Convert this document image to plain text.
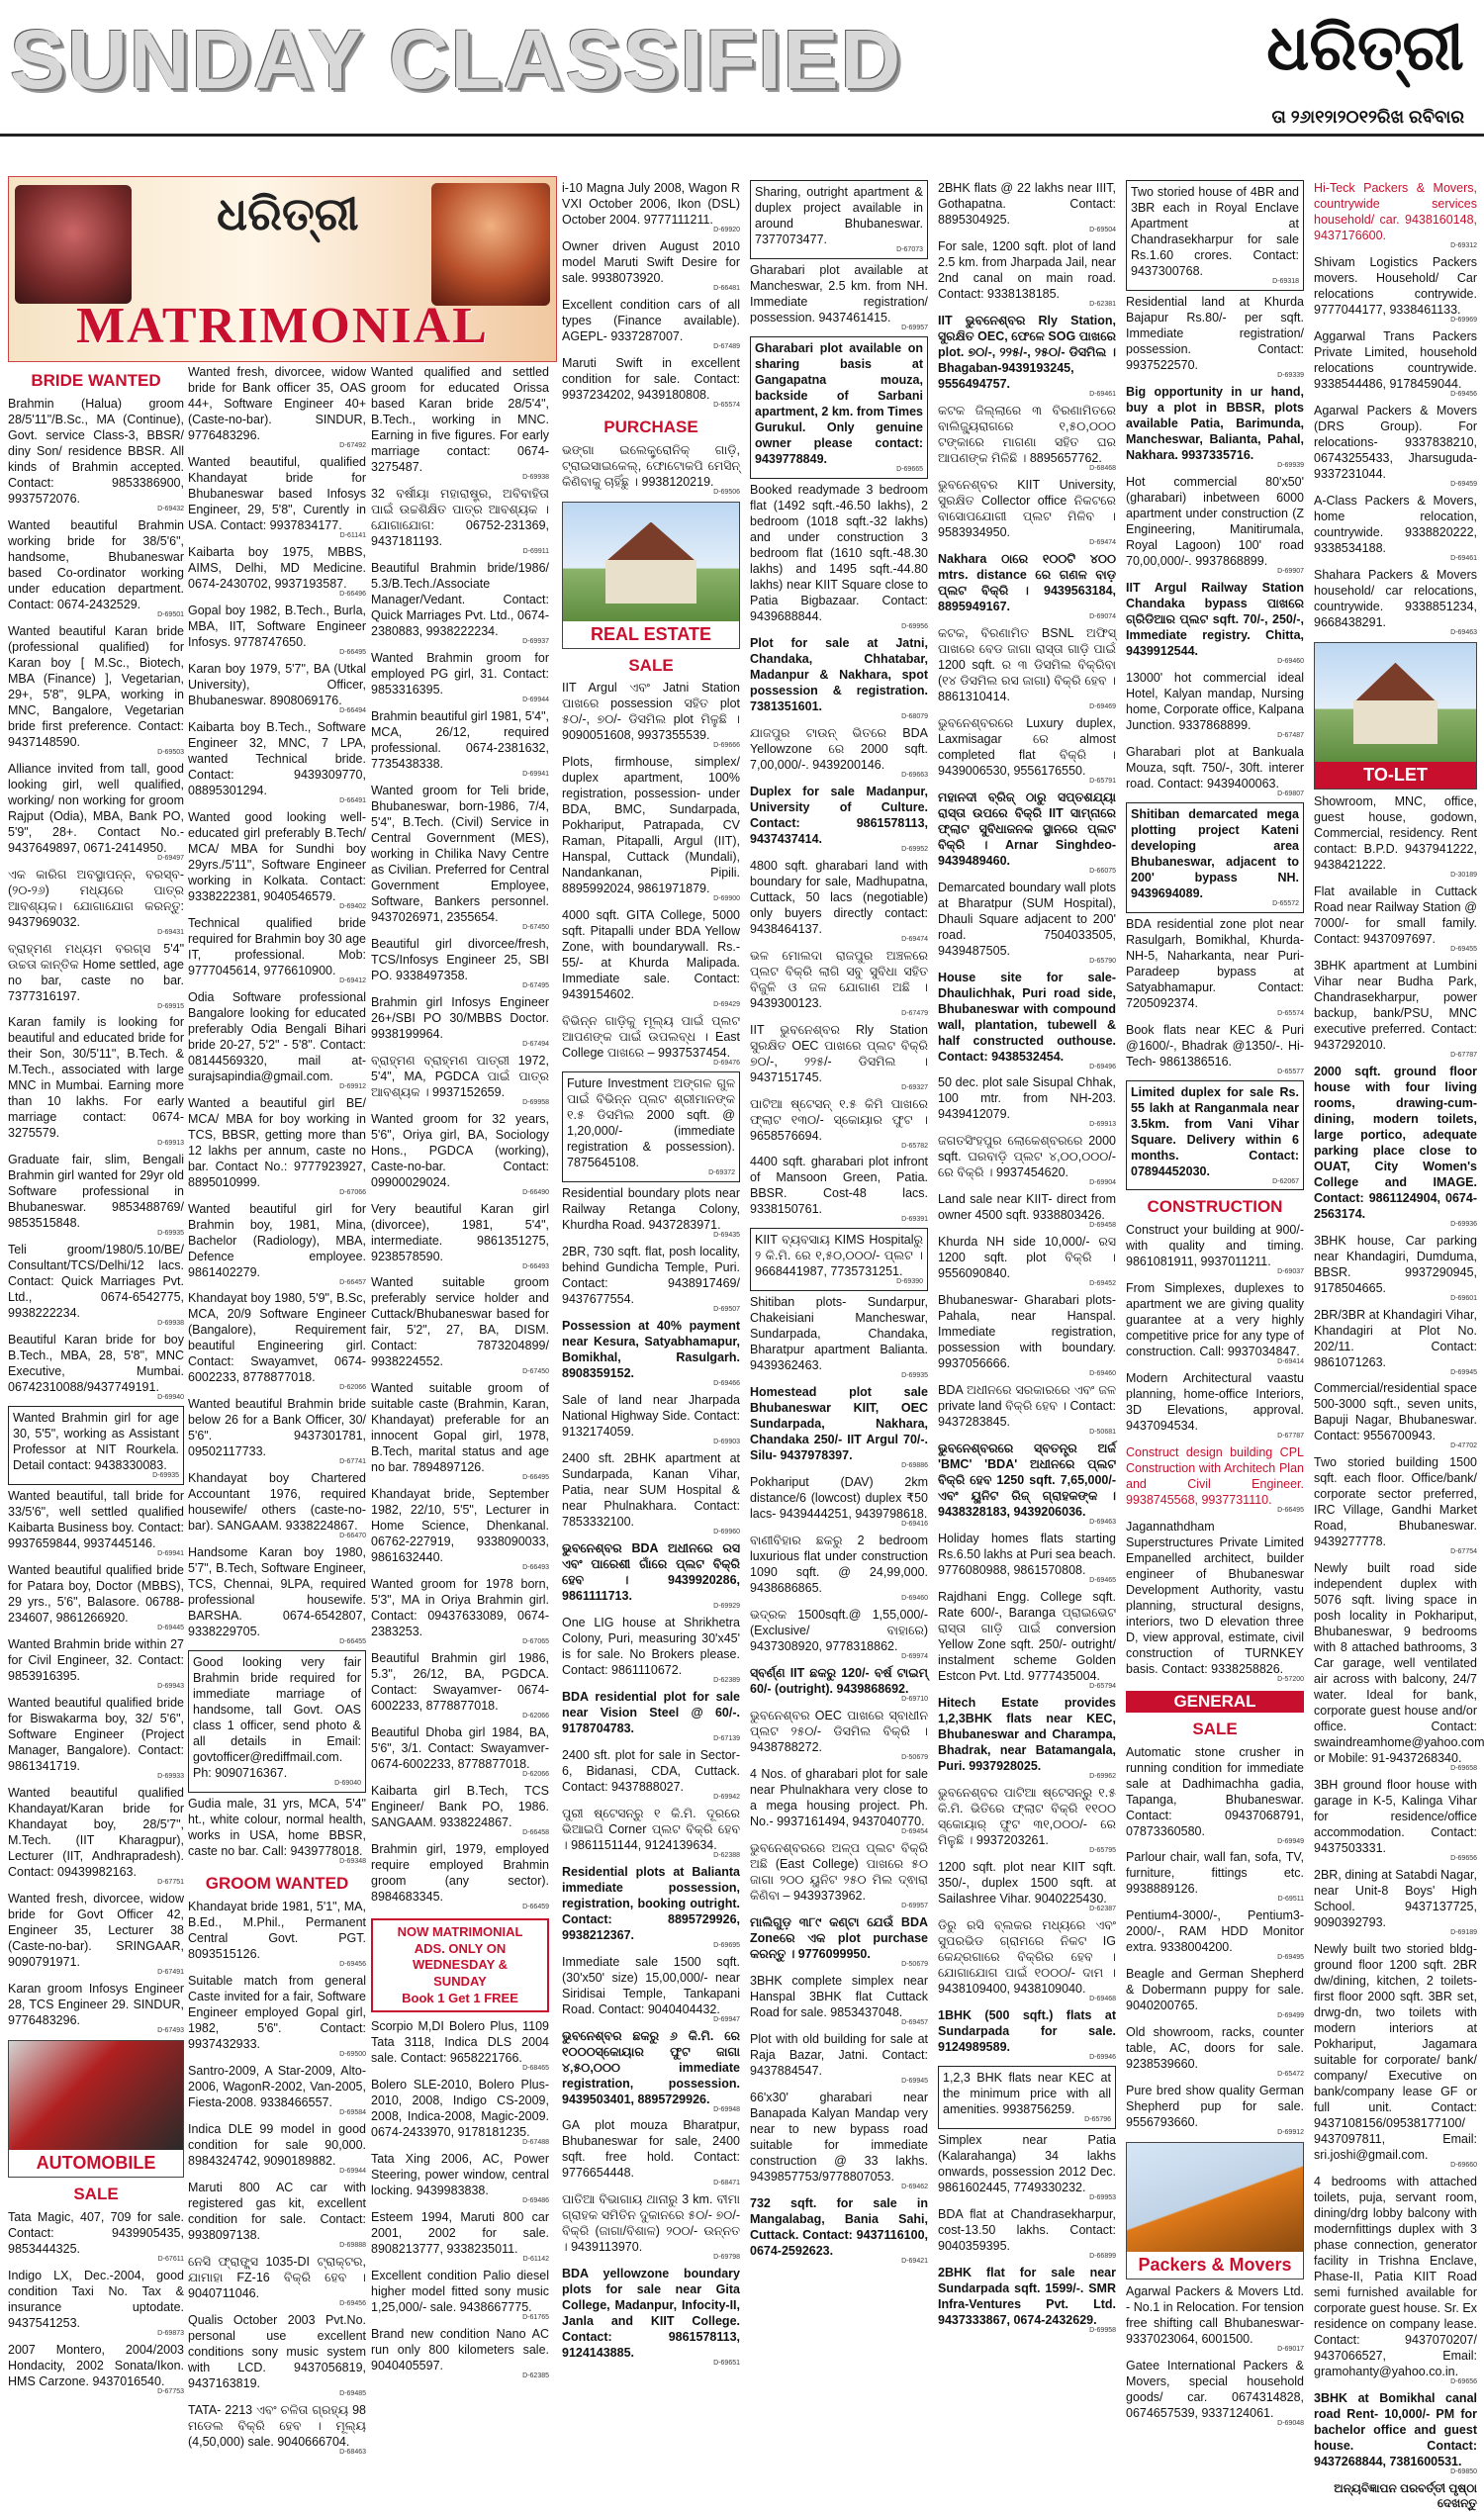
SUNDAY CLASSIFIED	ଧରିତ୍ରୀ
ତା ୨୬ା୧୨ା୨୦୧୨ରିଖ ରବିବାର
ଧରିତ୍ରୀ
MATRIMONIAL
BRIDE WANTED

Brahmin (Halua) groom 28/5'11"/B.Sc., MA (Continue), Govt. service Class-3, BBSR/ diny Son/ residence BBSR. All kinds of Brahmin accepted. Contact: 9853386900, 9937572076.
D-69432

Wanted beautiful Brahmin working bride for 38/5'6", handsome, Bhubaneswar based Co-ordinator working under education department. Contact: 0674-2432529.
D-69501

Wanted beautiful Karan bride (professional qualified) for Karan boy [ M.Sc., Biotech, MBA (Finance) ], Vegetarian, 29+, 5'8", 9LPA, working in MNC, Bangalore, Vegetarian bride first preference. Contact: 9437148590.
D-69503

Alliance invited from tall, good looking girl, well qualified, working/ non working for groom Rajput (Odia), MBA, Bank PO, 5'9", 28+. Contact No.- 9437649897, 0671-2414950.
D-69497

ଏକ କାରିଗ ଅବସ୍ଥାପନ୍ନ, ବରସ୍ବ- (୨୦-୨୬) ମଧ୍ୟରେ ପାତ୍ର ଆବଶ୍ୟକ। ଯୋଗାଯୋଗ କରନ୍ତୁ: 9437969032.
D-69431

ବ୍ରାହ୍ମଣ ମଧ୍ୟମ ବରଗ୍ସ 5'4" ଉଚ୍ଚତା କାନ୍ତିକ Home settled, age no bar, caste no bar. 7377316197.
D-69915

Karan family is looking for beautiful and educated bride for their Son, 30/5'11", B.Tech. & M.Tech., associated with large MNC in Mumbai. Earning more than 10 lakhs. For early marriage contact: 0674-3275579.
D-69913

Graduate fair, slim, Bengali Brahmin girl wanted for 29yr old Software professional in Bhubaneswar. 9853488769/ 9853515848.
D-69935

Teli groom/1980/5.10/BE/ Consultant/TCS/Delhi/12 lacs. Contact: Quick Marriages Pvt. Ltd., 0674-6542775, 9938222234.
D-69938

Beautiful Karan bride for boy B.Tech., MBA, 28, 5'8", MNC Executive, Mumbai. 06742310088/9437749191.
D-69940

Wanted Brahmin girl for age 30, 5'5", working as Assistant Professor at NIT Rourkela. Detail contact: 9438330083.
D-69935

Wanted beautiful, tall bride for 33/5'6", well settled qualified Kaibarta Business boy. Contact: 9937659844, 9937445146.
D-69941

Wanted beautiful qualified bride for Patara boy, Doctor (MBBS), 29 yrs., 5'6", Balasore. 06788-234607, 9861266920.
D-69445

Wanted Brahmin bride within 27 for Civil Engineer, 32. Contact: 9853916395.
D-69943

Wanted beautiful qualified bride for Biswakarma boy, 32/ 5'6", Software Engineer (Project Manager, Bangalore). Contact: 9861341719.
D-69933

Wanted beautiful qualified Khandayat/Karan bride for Khandayat boy, 28/5'7", M.Tech. (IIT Kharagpur), Lecturer (IIT, Andhrapradesh). Contact: 09439982163.
D-67751

Wanted fresh, divorcee, widow bride for Govt Officer 42, Engineer 35, Lecturer 38 (Caste-no-bar). SRINGAAR, 9090791971.
D-67491

Karan groom Infosys Engineer 28, TCS Engineer 29. SINDUR, 9776483296.
D-67493

AUTOMOBILE
SALE

Tata Magic, 407, 709 for sale. Contact: 9439905435, 9853444325.
D-67611

Indigo LX, Dec.-2004, good condition Taxi No. Tax & insurance uptodate. 9437541253.
D-69873

2007 Montero, 2004/2003 Hondacity, 2002 Sonata/Ikon. HMS Carzone. 9437016540.
D-67753

Wanted fresh, divorcee, widow bride for Bank officer 35, OAS 44+, Software Engineer 40+ (Caste-no-bar). SINDUR, 9776483296.
D-67492

Wanted beautiful, qualified Khandayat bride for Bhubaneswar based Infosys Engineer, 29, 5'8", Curently in USA. Contact: 9937834177.
D-61141

Kaibarta boy 1975, MBBS, AIMS, Delhi, MD Medicine. 0674-2430702, 9937193587.
D-66496

Gopal boy 1982, B.Tech., Burla, MBA, IIT, Software Engineer Infosys. 9778747650.
D-66495

Karan boy 1979, 5'7", BA (Utkal University), Officer, Bhubaneswar. 8908069176.
D-66494

Kaibarta boy B.Tech., Software Engineer 32, MNC, 7 LPA, wanted Technical bride. Contact: 9439309770, 08895301294.
D-66491

Wanted good looking well-educated girl preferably B.Tech/ MCA/ MBA for Sundhi boy 29yrs./5'11", Software Engineer working in Kolkata. Contact: 9338222381, 9040546579.
D-69402

Technical qualified bride required for Brahmin boy 30 age IT, professional. Mob: 9777045614, 9776610900.
D-69412

Odia Software professional Bangalore looking for educated preferably Odia Bengali Bihari bride 20-27, 5'2" - 5'8". Contact: 08144569320, mail at- surajsapindia@gmail.com.
D-69912

Wanted a beautiful girl BE/ MCA/ MBA for boy working in TCS, BBSR, getting more than 12 lakhs per annum, caste no bar. Contact No.: 9777923927, 8895010999.
D-67066

Wanted beautiful girl for Brahmin boy, 1981, Mina, Bachelor (Radiology), MBA, Defence employee. 9861402279.
D-66457

Khandayat boy 1980, 5'9", B.Sc, MCA, 20/9 Software Engineer (Bangalore), Requirement beautiful Engineering girl. Contact: Swayamvet, 0674-6002233, 8778877018.
D-62066

Wanted beautiful Brahmin bride below 26 for a Bank Officer, 30/ 5'6". 9437301781, 09502117733.
D-67741

Khandayat boy Chartered Accountant 1976, required housewife/ others (caste-no-bar). SANGAAM. 9338224867.
D-66470

Handsome Karan boy 1980, 5'7", B.Tech, Software Engineer, TCS, Chennai, 9LPA, required professional housewife. BARSHA. 0674-6542807, 9338229705.
D-66455

Good looking very fair Brahmin bride required for immediate marriage of handsome, tall Govt. OAS class 1 officer, send photo & all details in Email: govtofficer@rediffmail.com. Ph: 9090716367.
D-69040

Gudia male, 31 yrs, MCA, 5'4" ht., white colour, normal health, works in USA, home BBSR, caste no bar. Call: 9439778018.
D-69348

GROOM WANTED

Khandayat bride 1981, 5'1", MA, B.Ed., M.Phil., Permanent Central Govt. PGT. 8093515126.
D-69456

Suitable match from general Caste invited for a fair, Software Engineer employed Gopal girl, 1982, 5'6". Contact: 9937432933.
D-69500

Santro-2009, A Star-2009, Alto-2006, WagonR-2002, Van-2005, Fiesta-2008. 9338466557.
D-69584

Indica DLE 99 model in good condition for sale 90,000. 8984324742, 9090189882.
D-69944

Maruti 800 AC car with registered gas kit, excellent condition for sale. Contact: 9938097138.
D-69888

ନେସି ଫ୍ରାଙ୍କ୍ସ 1035-DI ଟ୍ରାକ୍ଟର, ଯାମାହା FZ-16 ବିକ୍ରି ହେବ । 9040711046.
D-69456

Qualis October 2003 Pvt.No. personal use excellent conditions sony music system with LCD. 9437056819, 9437163819.
D-69485

TATA- 2213 ଏବଂ ଚଳିତା ଗ୍ରହ୍ୟ 98 ମଡେଲ ବିକ୍ରି ହେବ । ମୂଲ୍ୟ (4,50,000) sale. 9040666704.
D-68463

Wanted qualified and settled groom for educated Orissa based Karan bride 28/5'4", B.Tech., working in MNC. Earning in five figures. For early marriage contact: 0674-3275487.
D-69938

32 ବର୍ଷୀୟା ମହାରାଷ୍ଟ୍ର, ଅବିବାହିତା ପାଇଁ ଉଚ୍ଚଶିକ୍ଷିତ ପାତ୍ର ଆବଶ୍ୟକ । ଯୋଗାଯୋଗ: 06752-231369, 9437181193.
D-69911

Beautiful Brahmin bride/1986/ 5.3/B.Tech./Associate Manager/Vedant. Contact: Quick Marriages Pvt. Ltd., 0674-2380883, 9938222234.
D-69937

Wanted Brahmin groom for employed PG girl, 31. Contact: 9853316395.
D-69944

Brahmin beautiful girl 1981, 5'4", MCA, 26/12, required professional. 0674-2381632, 7735438338.
D-69941

Wanted groom for Teli bride, Bhubaneswar, born-1986, 7/4, 5'4", B.Tech. (Civil) Service in Central Government (MES), working in Chilika Navy Centre as Civilian. Preferred for Central Government Employee, Software, Bankers personnel. 9437026971, 2355654.
D-67450

Beautiful girl divorcee/fresh, TCS/Infosys Engineer 25, SBI PO. 9338497358.
D-67495

Brahmin girl Infosys Engineer 26+/SBI PO 30/MBBS Doctor. 9938199964.
D-67494

ବ୍ରାହ୍ମଣ ବ୍ରାହ୍ମଣ ପାତ୍ରୀ 1972, 5'4", MA, PGDCA ପାଇଁ ପାତ୍ର ଆବଶ୍ୟକ । 9937152659.
D-69958

Wanted groom for 32 years, 5'6", Oriya girl, BA, Sociology Hons., PGDCA (working), Caste-no-bar. Contact: 09900029024.
D-66490

Very beautiful Karan girl (divorcee), 1981, 5'4", intermediate. 9861351275, 9238578590.
D-66493

Wanted suitable groom preferably service holder and Cuttack/Bhubaneswar based for fair, 5'2", 27, BA, DISM. Contact: 7873204899/ 9938224552.
D-67450

Wanted suitable groom of suitable caste (Brahmin, Karan, Khandayat) preferable for an innocent Gopal girl, 1978, B.Tech, marital status and age no bar. 7894897126.
D-66495

Khandayat bride, September 1982, 22/10, 5'5", Lecturer in Home Science, Dhenkanal. 06762-227919, 9338090033, 9861632440.
D-66493

Wanted groom for 1978 born, 5'3", MA in Oriya Brahmin girl. Contact: 09437633089, 0674-2383253.
D-67065

Beautiful Brahmin girl 1986, 5.3", 26/12, BA, PGDCA. Contact: Swayamver- 0674-6002233, 8778877018.
D-62066

Beautiful Dhoba girl 1984, BA, 5'6", 3/1. Contact: Swayamver- 0674-6002233, 8778877018.
D-62066

Kaibarta girl B.Tech, TCS Engineer/ Bank PO, 1986. SANGAAM. 9338224867.
D-66458

Brahmin girl, 1979, employed require employed Brahmin groom (any sector). 8984683345.
D-66459

NOW MATRIMONIAL
ADS. ONLY ON
WEDNESDAY &
SUNDAY
Book 1 Get 1 FREE

Scorpio M,DI Bolero Plus, 1109 Tata 3118, Indica DLS 2004 sale. Contact: 9658221766.
D-68465

Bolero SLE-2010, Bolero Plus-2010, 2008, Indigo CS-2009, 2008, Indica-2008, Magic-2009. 0674-2433970, 9178181235.
D-67488

Tata Xing 2006, AC, Power Steering, power window, central locking. 9439983838.
D-69486

Esteem 1994, Maruti 800 car 2001, 2002 for sale. 8908213777, 9338235011.
D-61142

Excellent condition Palio diesel higher model fitted sony music 1,25,000/- sale. 9438667775.
D-61765

Brand new condition Nano AC run only 800 kilometers sale. 9040405597.
D-62385

i-10 Magna July 2008, Wagon R VXI October 2006, Ikon (DSL) October 2004. 9777111211.
D-69920

Owner driven August 2010 model Maruti Swift Desire for sale. 9938073920.
D-66481

Excellent condition cars of all types (Finance available). AGEPL- 9337287007.
D-67489

Maruti Swift in excellent condition for sale. Contact: 9937234202, 9439180808.
D-65574

PURCHASE

ଭଙ୍ଗା ଇଲେକ୍ଟ୍ରୋନିକ୍ ଗାଡ଼ି, ଟ୍ରାଇସାଇକେଲ୍, ଫୋଟୋକପି ମେସିନ୍ କିଣିବାକୁ ଚାହିଁଛୁ । 9938120219.
D-69506

REAL ESTATE
SALE

IIT Argul ଏବଂ Jatni Station ପାଖରେ possession ସହିତ plot ୫୦/-, ୭୦/- ଡିସମିଲ plot ମିଳୁଛି । 9090051608, 9937355539.
D-69666

Plots, firmhouse, simplex/ duplex apartment, 100% registration, possession- under BDA, BMC, Sundarpada, Pokhariput, Patrapada, CV Raman, Pitapalli, Argul (IIT), Hanspal, Cuttack (Mundali), Nandankanan, Pipili. 8895992024, 9861971879.
D-69900

4000 sqft. GITA College, 5000 sqft. Pitapalli under BDA Yellow Zone, with boundarywall. Rs.- 55/- at Khurda Malipada. Immediate sale. Contact: 9439154602.
D-69429

ବିଭିନ୍ନ ଗାଡ଼ିକୁ ମୂଲ୍ୟ ପାଇଁ ପ୍ଲଟ ଆପଣଙ୍କ ପାଇଁ ଉପଲବ୍ଧ । East College ପାଖରେ – 9937537454.
D-69476

Future Investment ଅଙ୍ଗଳ ଗୁଳ ପାଇଁ ବିଭିନ୍ନ ପ୍ଲଟ ଶ୍ରୀମାନଙ୍କ ୧.୫ ଡିସମିଲ 2000 sqft. @ 1,20,000/- (immediate registration & possession). 7875645108.
D-69372

Residential boundary plots near Railway Retanga Colony, Khurdha Road. 9437283971.
D-69435

2BR, 730 sqft. flat, posh locality, behind Gundicha Temple, Puri. Contact: 9438917469/ 9437677554.
D-69507

Possession at 40% payment near Kesura, Satyabhamapur, Bomikhal, Rasulgarh. 8908359152.
D-69466

Sale of land near Jharpada National Highway Side. Contact: 9132174059.
D-69903

2400 sft. 2BHK apartment at Sundarpada, Kanan Vihar, Patia, near SUM Hospital & near Phulnakhara. Contact: 7853332100.
D-69960

ଭୁବନେଶ୍ବର BDA ଅଧୀନରେ ରସ ଏବଂ ପାରେଶୀ ଗାଁରେ ପ୍ଲଟ ବିକ୍ରି ହେବ । 9439920286, 9861111713.
D-69929

One LIG house at Shrikhetra Colony, Puri, measuring 30'x45' is for sale. No Brokers please. Contact: 9861110672.
D-62389

BDA residential plot for sale near Vision Steel @ 60/-. 9178704783.
D-67139

2400 sft. plot for sale in Sector-6, Bidanasi, CDA, Cuttack. Contact: 9437888027.
D-69942

ପୁରୀ ଷ୍ଟେସନ୍ରୁ ୧ କି.ମି. ଦୂରରେ ଭିଆଇପି Corner ପ୍ଲଟ ବିକ୍ରି ହେବ । 9861151144, 9124139634.
D-62388

Residential plots at Balianta immediate possession, registration, booking outright. Contact: 8895729926, 9938212367.
D-69695

Immediate sale 1500 sqft. (30'x50' size) 15,00,000/- near Siridisai Temple, Tankapani Road. Contact: 9040404432.
D-69947

ଭୁବନେଶ୍ବର ଛକରୁ ୬ କି.ମି. ରେ ୧୦୦୦ସ୍କୋୟାର ଫୁଟ ଜାଗା ୪,୫୦,୦୦୦ immediate registration, possession. 9439503401, 8895729926.
D-69948

GA plot mouza Bharatpur, Bhubaneswar for sale, 2400 sqft. free hold. Contact: 9776654448.
D-68471

ପାତିଆ ବିଭାଗାୟ ଥାନାରୁ 3 km. ବୀମା ଗ୍ରାହକ ସମିତିନ ଦୁକାନରେ ୫୦/- ୭୦/- ବିକ୍ରି (ଜାଗା/ବିଶାଳ) ୨୦୦/- ଉନ୍ନତ । 9439113970.
D-69798

BDA yellowzone boundary plots for sale near Gita College, Madanpur, Infocity-II, Janla and KIIT College. Contact: 9861578113, 9124143885.
D-69651

Sharing, outright apartment & duplex project available in around Bhubaneswar. 7377073477.
D-67073

Gharabari plot available at Mancheswar, 2.5 km. from NH. Immediate registration/ possession. 9437461415.
D-69957

Gharabari plot available on sharing basis at Gangapatna mouza, backside of Sarbani apartment, 2 km. from Times Gurukul. Only genuine owner please contact: 9439778849.
D-69665

Booked readymade 3 bedroom flat (1492 sqft.-46.50 lakhs), 2 bedroom (1018 sqft.-32 lakhs) and under construction 3 bedroom flat (1610 sqft.-48.30 lakhs) and 1495 sqft.-44.80 lakhs) near KIIT Square close to Patia Bigbazaar. Contact: 9439688844.
D-69956

Plot for sale at Jatni, Chandaka, Chhatabar, Madanpur & Nakhara, spot possession & registration. 7381351601.
D-68079

ଯାଜପୁର ଟାଉନ୍ ଭିତରେ BDA Yellowzone ରେ 2000 sqft. 7,00,000/-. 9439200146.
D-69663

Duplex for sale Madanpur, University of Culture. Contact: 9861578113, 9437437414.
D-69952

4800 sqft. gharabari land with boundary for sale, Madhupatna, Cuttack, 50 lacs (negotiable) only buyers directly contact: 9438464137.
D-69474

ଭଳ ମୋଲଦା ରାଜପୁର ଅଞ୍ଚଳରେ ପ୍ଲଟ ବିକ୍ରି ଲାଗି ସବୁ ସୁବିଧା ସହିତ ବିଜୁଳି ଓ ଜଳ ଯୋଗାଣ ଅଛି । 9439300123.
D-67479

IIT ଭୁବନେଶ୍ବର Rly Station ସୁରକ୍ଷିତ OEC ପାଖରେ ପ୍ଲଟ ବିକ୍ରି ୭୦/-, ୨୨୫/- ଡିସମିଲ । 9437151745.
D-69327

ପାଟିଆ ଷ୍ଟେସନ୍ ୧.୫ କିମି ପାଖରେ ଫ୍ଲାଟ ୧୩୦/- ସ୍କୋୟାର ଫୁଟ । 9658576694.
D-65782

4400 sqft. gharabari plot infront of Mansoon Green, Patia. BBSR. Cost-48 lacs. 9338150761.
D-69391

KIIT ବ୍ୟବସାୟ KIMS Hospitalରୁ ୨ କି.ମି. ରେ ୧,୫୦,୦୦୦/- ପ୍ଲଟ । 9668441987, 7735731251.
D-69390

Shitiban plots- Sundarpur, Chakeisiani Mancheswar, Sundarpada, Chandaka, Bharatpur apartment Balianta. 9439362463.
D-69935

Homestead plot sale Bhubaneswar KIIT, OEC Sundarpada, Nakhara, Chandaka 250/- IIT Argul 70/-. Silu- 9437978397.
D-69886

Pokhariput (DAV) 2km distance/6 (lowcost) duplex ₹50 lacs- 9439444251, 9439798618.
D-69416

ବାଣୀବିହାର ଛକରୁ 2 bedroom luxurious flat under construction 1090 sqft. @ 24,99,000. 9438686865.
D-69460

ଭଦ୍ରକ 1500sqft.@ 1,55,000/- (Exclusive/ ବାହାରେ) 9437308920, 9778318862.
D-69974

ସ୍ବର୍ଣ୍ଣ IIT ଛକରୁ 120/- ବର୍ଷ ଟାଇମ୍ 60/- (outright). 9439868692.
D-69710

ଭୁବନେଶ୍ବର OEC ପାଖରେ ସ୍ବାଧୀନ ପ୍ଲଟ ୨୫୦/- ଡିସମିଲ ବିକ୍ରି । 9438788272.
D-50679

4 Nos. of gharabari plot for sale near Phulnakhara very close to a mega housing project. Ph. No.- 9937161494, 9437040770.
D-69454

ଭୁବନେଶ୍ବରରେ ଅଳ୍ପ ପ୍ଲଟ ବିକ୍ରି ଅଛି (East College) ପାଖରେ ୫୦ ଜାଗା ୨୦୦ ୟୁନିଟ ୨୫୦ ମିଲ ଦ୍ଵାରା କିଣିବା – 9439373962.
D-69957

ମାଲିଗୁଡ଼ ୩୮୯ କଣ୍ଟା ଯେଉଁ BDA Zoneରେ ଏକ plot purchase କରନ୍ତୁ । 9776099950.
D-50679

3BHK complete simplex near Hanspal 3BHK flat Cuttack Road for sale. 9853437048.
D-69457

Plot with old building for sale at Raja Bazar, Jatni. Contact: 9437884547.
D-69945

66'x30' gharabari near Banapada Kalyan Mandap very near to new bypass road suitable for immediate construction @ 33 lakhs. 9439857753/9778807053.
D-69462

732 sqft. for sale in Mangalabag, Bania Sahi, Cuttack. Contact: 9437116100, 0674-2592623.
D-69421

2BHK flats @ 22 lakhs near IIIT, Gothapatna. Contact: 8895304925.
D-69504

For sale, 1200 sqft. plot of land 2.5 km. from Jharpada Jail, near 2nd canal on main road. Contact: 9338138185.
D-62381

IIT ଭୁବନେଶ୍ବର Rly Station, ସୁରକ୍ଷିତ OEC, ଫେଳେ SOG ପାଖରେ plot. ୭୦/-, ୨୨୫/-, ୨୫୦/- ଡିସମିଲ । Bhagaban-9439193245, 9556494757.
D-69461

କଟକ ଜିଲ୍ଲାରେ ୩ ବିରଣାମିତରେ ବାଲିଜ୍ୟୁରାଗରେ ୧,୫୦,୦୦୦ ଟଙ୍କାରେ ମାଗଣା ସହିତ ଘର ଆପଣଙ୍କ ମିଳିଛି । 8895657762.
D-68468

ଭୁବନେଶ୍ବର KIIT University, ସୁରକ୍ଷିତ Collector office ନିକଟରେ ବାସୋପଯୋଗୀ ପ୍ଲଟ ମିଳିବ । 9583934950.
D-69474

Nakhara ଠାରେ ୧୦୦ଟି ୪୦୦ mtrs. distance ରେ ଗଣଳ ବାଡ଼ ପ୍ଲଟ ବିକ୍ରି । 9439563184, 8895949167.
D-69074

କଟକ, ବିରଣାମିତ BSNL ଅଫିସ୍ ପାଖରେ ବେଡ ଜାଗା ରାସ୍ତା ଗାଡ଼ି ପାଇଁ 1200 sqft. ର ୩ ଡିସମିଲ ବିକ୍ରିବା (୧୪ ଡିସମିଲ ରସ ଜାଗା) ବିକ୍ରି ହେବ । 8861310414.
D-69469

ଭୁବନେଶ୍ବରରେ Luxury duplex, Laxmisagar ରେ almost completed flat ବିକ୍ରି । 9439006530, 9556176550.
D-65791

ମହାନଦୀ ବ୍ରିଜ୍ ଠାରୁ ସପ୍ତଶଯ୍ୟା ରାସ୍ତା ଉପରେ ବିକ୍ରି IIT ସାମ୍ନାରେ ଫ୍ଲାଟ ସୁବିଧାଜନକ ସ୍ଥାନରେ ପ୍ଲଟ ବିକ୍ରି । Arnar Singhdeo-9439489460.
D-66075

Demarcated boundary wall plots at Bharatpur (SUM Hospital), Dhauli Square adjacent to 200' road. 7504033505, 9439487505.
D-65790

House site for sale- Dhaulichhak, Puri road side, Bhubaneswar with compound wall, plantation, tubewell & half constructed outhouse. Contact: 9438532454.
D-69496

50 dec. plot sale Sisupal Chhak, 100 mtr. from NH-203. 9439412079.
D-69913

ଜଗତସିଂହପୁର ଲୋକେଶ୍ବରରେ 2000 sqft. ଘରବାଡ଼ି ପ୍ଲଟ ୪,୦୦,୦୦୦/- ରେ ବିକ୍ରି । 9937454620.
D-69904

Land sale near KIIT- direct from owner 4500 sqft. 9338803426.
D-69458

Khurda NH side 10,000/- ରସ 1200 sqft. plot ବିକ୍ରି । 9556090840.
D-69452

Bhubaneswar- Gharabari plots- Pahala, near Hanspal. Immediate registration, possession with boundary. 9937056666.
D-69460

BDA ଅଧୀନରେ ସରକାରରେ ଏବଂ ଜଳ private land ବିକ୍ରି ହେବ । Contact: 9437283845.
D-50681

ଭୁବନେଶ୍ବରରେ ସ୍ବତନ୍ତ୍ର ଅର୍ଜ 'BMC' 'BDA' ଅଧୀନରେ ପ୍ଲଟ ବିକ୍ରି ହେବ 1250 sqft. 7,65,000/- ଏବଂ ୟୁନିଟ ରିଜ୍ ଗ୍ରାହକଙ୍କ । 9438328183, 9439206036.
D-69463

Holiday homes flats starting Rs.6.50 lakhs at Puri sea beach. 9776080988, 9861570808.
D-69465

Rajdhani Engg. College sqft. Rate 600/-, Baranga ପ୍ରାଇଭେଟ ରାସ୍ତା ଗାଡ଼ି ପାଇଁ conversion Yellow Zone sqft. 250/- outright/ instalment scheme Golden Estcon Pvt. Ltd. 9777435004.
D-65794

Hitech Estate provides 1,2,3BHK flats near KEC, Bhubaneswar and Charampa, Bhadrak, near Batamangala, Puri. 9937928025.
D-69962

ଭୁବନେଶ୍ବର ପାଟିଆ ଷ୍ଟେସନ୍ରୁ ୧.୫ କି.ମି. ଭିତିରେ ଫ୍ଲାଟ ବିକ୍ରି ୧୧୦୦ ସ୍କୋୟାର୍ ଫୁଟ ୩୧,୦୦୦/- ରେ ମିଳୁଛି । 9937203261.
D-65795

1200 sqft. plot near KIIT sqft. 350/-, duplex 1500 sqft. at Sailashree Vihar. 9040225430.
D-62387

ଡିରୁ ରସି ବ୍ଲକର ମଧ୍ୟରେ ଏବଂ ସୁପରଭିଡ ଗ୍ରାମରେ ନିକଟ IG କେନ୍ଦ୍ରଗାରେ ବିକ୍ରିର ହେବ । ଯୋଗାଯୋଗ ପାଇଁ ୧୦୦୦/- ଦାମ । 9438109400, 9438109040.
D-69468

1BHK (500 sqft.) flats at Sundarpada for sale. 9124989589.
D-69946

1,2,3 BHK flats near KEC at the minimum price with all amenities. 9938756259.
D-65796

Simplex near Patia (Kalarahanga) 34 lakhs onwards, possession 2012 Dec. 9861602445, 7749330232.
D-69953

BDA flat at Chandrasekharpur, cost-13.50 lakhs. Contact: 9040359395.
D-66899

2BHK flat for sale near Sundarpada sqft. 1599/-. SMR Infra-Ventures Pvt. Ltd. 9437333867, 0674-2432629.
D-69958

Two storied house of 4BR and 3BR each in Royal Enclave Apartment at Chandrasekharpur for sale Rs.1.60 crores. Contact: 9437300768.
D-69318

Residential land at Khurda Bajapur Rs.80/- per sqft. Immediate registration/ possession. Contact: 9937522570.
D-69339

Big opportunity in ur hand, buy a plot in BBSR, plots available Patia, Barimunda, Mancheswar, Balianta, Pahal, Nakhara. 9937335716.
D-69939

Hot commercial 80'x50' (gharabari) inbetween 6000 apartment under construction (Z Engineering, Manitirumala, Royal Lagoon) 100' road 70,00,000/-. 9937868899.
D-69907

IIT Argul Railway Station Chandaka bypass ପାଖରେ ଗ୍ରିଡିଆର ପ୍ଲଟ sqft. 70/-, 250/-, Immediate registry. Chitta, 9439912544.
D-69460

13000' hot commercial ideal Hotel, Kalyan mandap, Nursing home, Corporate office, Kalpana Junction. 9337868899.
D-67487

Gharabari plot at Bankuala Mouza, sqft. 750/-, 30ft. interer road. Contact: 9439400063.
D-69807

Shitiban demarcated mega plotting project Kateni developing area Bhubaneswar, adjacent to 200' bypass NH. 9439694089.
D-65572

BDA residential zone plot near Rasulgarh, Bomikhal, Khurda-NH-5, Naharkanta, near Puri-Paradeep bypass at Satyabhamapur. Contact: 7205092374.
D-65574

Book flats near KEC & Puri @1600/-, Bhadrak @1350/-. Hi-Tech- 9861386516.
D-65577

Limited duplex for sale Rs. 55 lakh at Ranganmala near 3.5km. from Vani Vihar Square. Delivery within 6 months. Contact: 07894452030.
D-62067

CONSTRUCTION

Construct your building at 900/- with quality and timing. 9861081911, 9937011211.
D-69037

From Simplexes, duplexes to apartment we are giving quality guarantee at a very highly competitive price for any type of construction. Call: 9937034847.
D-69414

Modern Architectural vaastu planning, home-office Interiors, 3D Elevations, approval. 9437094534.
D-67787

Construct design building CPL Construction with Architech Plan and Civil Engineer. 9938745568, 9937731110.
D-66495

Jagannathdham Superstructures Private Limited Empanelled architect, builder engineer of Bhubaneswar Development Authority, vastu planning, structural designs, interiors, two D elevation three D, view approval, estimate, civil construction of TURNKEY basis. Contact: 9338258826.
D-57200

GENERAL
SALE

Automatic stone crusher in running condition for immediate sale at Dadhimachha gadia, Tapanga, Bhubaneswar. Contact: 09437068791, 07873360580.
D-69949

Parlour chair, wall fan, sofa, TV, furniture, fittings etc. 9938889126.
D-69511

Pentium4-3000/-, Pentium3-2000/-, RAM HDD Monitor extra. 9338004200.
D-69495

Beagle and German Shepherd & Dobermann puppy for sale. 9040200765.
D-69499

Old showroom, racks, counter table, AC, doors for sale. 9238539660.
D-65472

Pure bred show quality German Shepherd pup for sale. 9556793660.
D-69912

Packers & Movers

Agarwal Packers & Movers Ltd. - No.1 in Relocation. For tension free shifting call Bhubaneswar- 9337023064, 6001500.
D-69017

Gatee International Packers & Movers, special household goods/ car. 0674314828, 0674657539, 9337124061.
D-69048

Hi-Teck Packers & Movers, countrywide services household/ car. 9438160148, 9437176600.
D-69312

Shivam Logistics Packers movers. Household/ Car relocations contrywide. 9777044177, 9338461133.
D-69969

Aggarwal Trans Packers Private Limited, household relocations countrywide. 9338544486, 9178459044.
D-69456

Agarwal Packers & Movers (DRS Group). For relocations- 9337838210, 06743255433, Jharsuguda- 9337231044.
D-69459

A-Class Packers & Movers, home relocation, countrywide. 9338820222, 9338534188.
D-69461

Shahara Packers & Movers household/ car relocations, countrywide. 9338851234, 9668438291.
D-69463

TO-LET

Showroom, MNC, office, guest house, godown, Commercial, residency. Rent contact: B.P.D. 9437941222, 9438421222.
D-30189

Flat available in Cuttack Road near Railway Station @ 7000/- for small family. Contact: 9437097697.
D-69455

3BHK apartment at Lumbini Vihar near Budha Park, Chandrasekharpur, power backup, bank/PSU, MNC executive preferred. Contact: 9437292010.
D-67787

2000 sqft. ground floor house with four living rooms, drawing-cum-dining, modern toilets, large portico, adequate parking place close to OUAT, City Women's College and IMAGE. Contact: 9861124904, 0674-2563174.
D-69936

3BHK house, Car parking near Khandagiri, Dumduma, BBSR. 9937290945, 9178504665.
D-69601

2BR/3BR at Khandagiri Vihar, Khandagiri at Plot No. 202/11. Contact: 9861071263.
D-69945

Commercial/residential space 500-3000 sqft., seven units, Bapuji Nagar, Bhubaneswar. Contact: 9556700943.
D-47702

Two storied building 1500 sqft. each floor. Office/bank/ corporate sector preferred, IRC Village, Gandhi Market Road, Bhubaneswar. 9439277778.
D-67754

Newly built road side independent duplex with 5076 sqft. living space in posh locality in Pokhariput, Bhubaneswar, 9 bedrooms with 8 attached bathrooms, 3 Car garage, well ventilated air across with balcony, 24/7 water. Ideal for bank, corporate guest house and/or office. Contact: swaindreamhome@yahoo.com or Mobile: 91-9437268340.
D-69658

3BH ground floor house with garage in K-5, Kalinga Vihar for residence/office accommodation. Contact: 9437503331.
D-69656

2BR, dining at Satabdi Nagar, near Unit-8 Boys' High School. 9437137725, 9090392793.
D-69189

Newly built two storied bldg-ground floor 1200 sqft. 2BR dw/dining, kitchen, 2 toilets-first floor 2000 sqft. 3BR set, drwg-dn, two toilets with modern interiors at Pokhariput, Jagamara suitable for corporate/ bank/ company/ Executive on bank/company lease GF or full unit. Contact: 9437108156/09538177100/ 9437097811, Email: sri.joshi@gmail.com.
D-69660

4 bedrooms with attached toilets, puja, servant room, dining/drg lobby balcony with modernfittings duplex with 3 phase connection, generator facility in Trishna Enclave, Phase-II, Patia KIIT Road semi furnished available for corporate guest house. Sr. Ex residence on company lease. Contact: 9437070207/ 9437066527, Email: gramohanty@yahoo.co.in.
D-69656

3BHK at Bomikhal canal road Rent- 10,000/- PM for bachelor office and guest house. Contact: 9437268844, 7381600531.
D-69850

ଅନ୍ୟବିଜ୍ଞାପନ ପରବର୍ତ୍ତୀ ପୃଷ୍ଠା ଦେଖନ୍ତୁ
